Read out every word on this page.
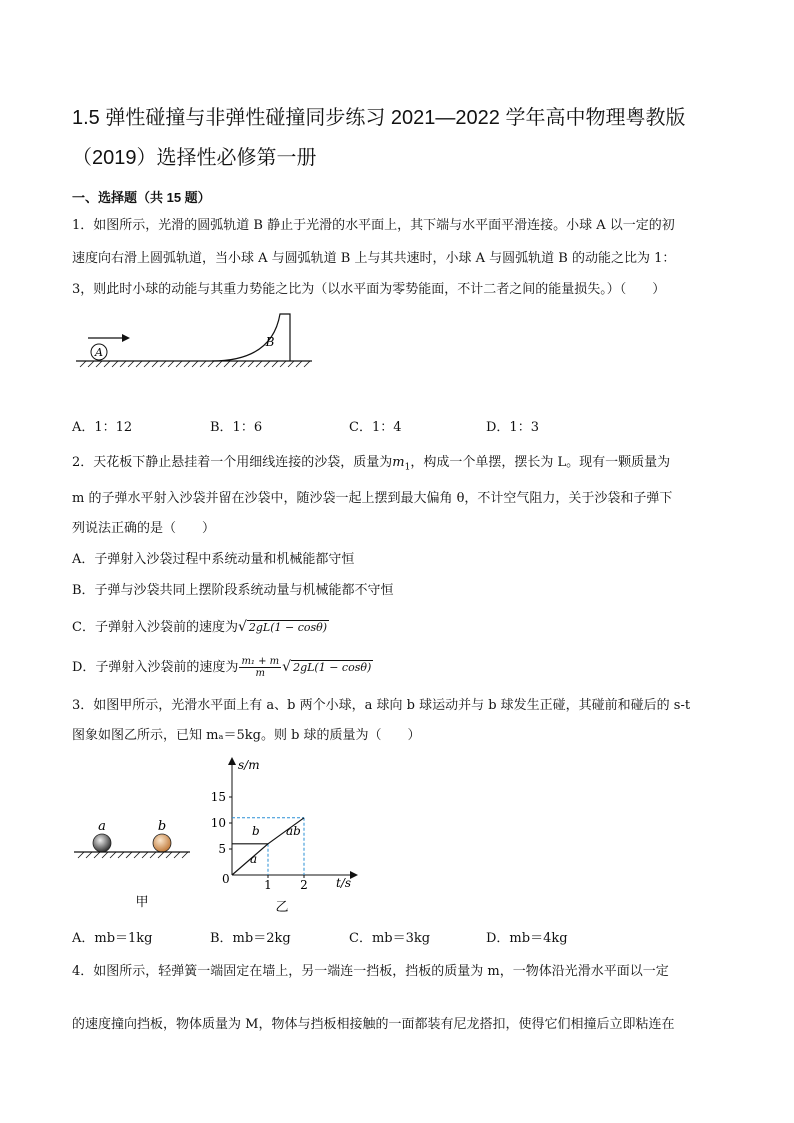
1.5 弹性碰撞与非弹性碰撞同步练习 2021—2022 学年高中物理粤教版
（2019）选择性必修第一册
一、选择题（共 15 题）
1．如图所示，光滑的圆弧轨道 B 静止于光滑的水平面上，其下端与水平面平滑连接。小球 A 以一定的初
速度向右滑上圆弧轨道，当小球 A 与圆弧轨道 B 上与其共速时，小球 A 与圆弧轨道 B 的动能之比为 1：
3，则此时小球的动能与其重力势能之比为（以水平面为零势能面，不计二者之间的能量损失。）（　　）
A
B
A．1：12	B．1：6	C．1：4	D．1：3
2．天花板下静止悬挂着一个用细线连接的沙袋，质量为$m_1$，构成一个单摆，摆长为 L。现有一颗质量为
m 的子弹水平射入沙袋并留在沙袋中，随沙袋一起上摆到最大偏角 θ，不计空气阻力，关于沙袋和子弹下
列说法正确的是（　　）
A．子弹射入沙袋过程中系统动量和机械能都守恒
B．子弹与沙袋共同上摆阶段系统动量与机械能都不守恒
C．子弹射入沙袋前的速度为√ 2gL(1 − cosθ)
D．子弹射入沙袋前的速度为 $\frac{\text{m₁ + m}}{m}$ √ 2gL(1 − cosθ)
3．如图甲所示，光滑水平面上有 a、b 两个小球，a 球向 b 球运动并与 b 球发生正碰，其碰前和碰后的 s-t
图象如图乙所示，已知 mₐ＝5kg。则 b 球的质量为（　　）
a	b
甲
s/m
t/s
0
15
10
5
1 2
b
a
ab
乙
A．mb＝1kg	B．mb＝2kg	C．mb＝3kg	D．mb＝4kg
4．如图所示，轻弹簧一端固定在墙上，另一端连一挡板，挡板的质量为 m，一物体沿光滑水平面以一定
的速度撞向挡板，物体质量为 M，物体与挡板相接触的一面都装有尼龙搭扣，使得它们相撞后立即粘连在
